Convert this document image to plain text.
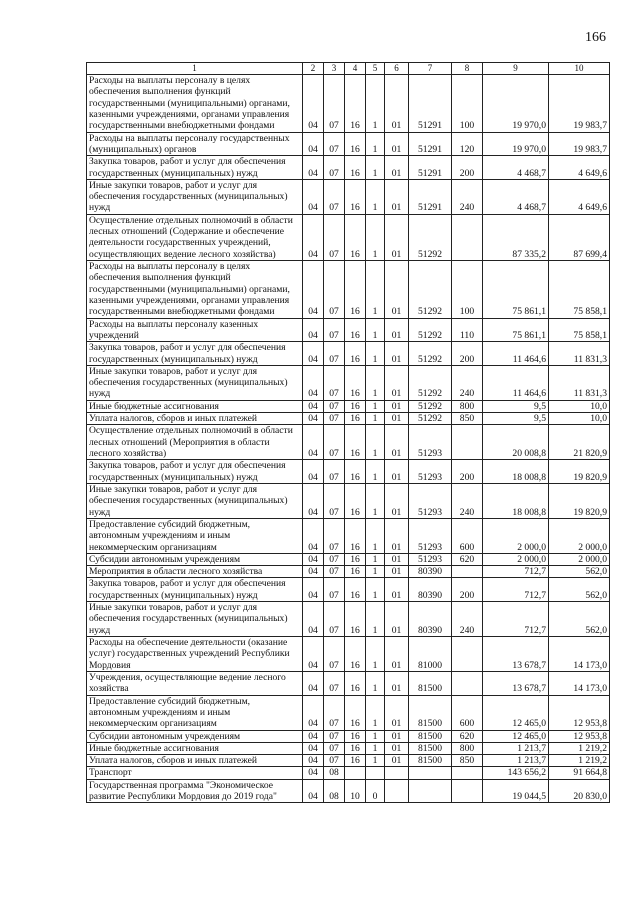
166
1	2	3	4	5	6	7	8	9	10
Расходы на выплаты персоналу в целях обеспечения выполнения функций государственными (муниципальными) органами, казенными учреждениями, органами управления государственными внебюджетными фондами	04	07	16	1	01	51291	100	19 970,0	19 983,7
Расходы на выплаты персоналу государственных (муниципальных) органов	04	07	16	1	01	51291	120	19 970,0	19 983,7
Закупка товаров, работ и услуг для обеспечения государственных (муниципальных) нужд	04	07	16	1	01	51291	200	4 468,7	4 649,6
Иные закупки товаров, работ и услуг для обеспечения государственных (муниципальных) нужд	04	07	16	1	01	51291	240	4 468,7	4 649,6
Осуществление отдельных полномочий в области лесных отношений (Содержание и обеспечение деятельности государственных учреждений, осуществляющих ведение лесного хозяйства)	04	07	16	1	01	51292		87 335,2	87 699,4
Расходы на выплаты персоналу в целях обеспечения выполнения функций государственными (муниципальными) органами, казенными учреждениями, органами управления государственными внебюджетными фондами	04	07	16	1	01	51292	100	75 861,1	75 858,1
Расходы на выплаты персоналу казенных учреждений	04	07	16	1	01	51292	110	75 861,1	75 858,1
Закупка товаров, работ и услуг для обеспечения государственных (муниципальных) нужд	04	07	16	1	01	51292	200	11 464,6	11 831,3
Иные закупки товаров, работ и услуг для обеспечения государственных (муниципальных) нужд	04	07	16	1	01	51292	240	11 464,6	11 831,3
Иные бюджетные ассигнования	04	07	16	1	01	51292	800	9,5	10,0
Уплата налогов, сборов и иных платежей	04	07	16	1	01	51292	850	9,5	10,0
Осуществление отдельных полномочий в области лесных отношений (Мероприятия в области лесного хозяйства)	04	07	16	1	01	51293		20 008,8	21 820,9
Закупка товаров, работ и услуг для обеспечения государственных (муниципальных) нужд	04	07	16	1	01	51293	200	18 008,8	19 820,9
Иные закупки товаров, работ и услуг для обеспечения государственных (муниципальных) нужд	04	07	16	1	01	51293	240	18 008,8	19 820,9
Предоставление субсидий бюджетным, автономным учреждениям и иным некоммерческим организациям	04	07	16	1	01	51293	600	2 000,0	2 000,0
Субсидии автономным учреждениям	04	07	16	1	01	51293	620	2 000,0	2 000,0
Мероприятия в области лесного хозяйства	04	07	16	1	01	80390		712,7	562,0
Закупка товаров, работ и услуг для обеспечения государственных (муниципальных) нужд	04	07	16	1	01	80390	200	712,7	562,0
Иные закупки товаров, работ и услуг для обеспечения государственных (муниципальных) нужд	04	07	16	1	01	80390	240	712,7	562,0
Расходы на обеспечение деятельности (оказание услуг) государственных учреждений Республики Мордовия	04	07	16	1	01	81000		13 678,7	14 173,0
Учреждения, осуществляющие ведение лесного хозяйства	04	07	16	1	01	81500		13 678,7	14 173,0
Предоставление субсидий бюджетным, автономным учреждениям и иным некоммерческим организациям	04	07	16	1	01	81500	600	12 465,0	12 953,8
Субсидии автономным учреждениям	04	07	16	1	01	81500	620	12 465,0	12 953,8
Иные бюджетные ассигнования	04	07	16	1	01	81500	800	1 213,7	1 219,2
Уплата налогов, сборов и иных платежей	04	07	16	1	01	81500	850	1 213,7	1 219,2
Транспорт	04	08						143 656,2	91 664,8
Государственная программа "Экономическое развитие Республики Мордовия до 2019 года"	04	08	10	0				19 044,5	20 830,0
